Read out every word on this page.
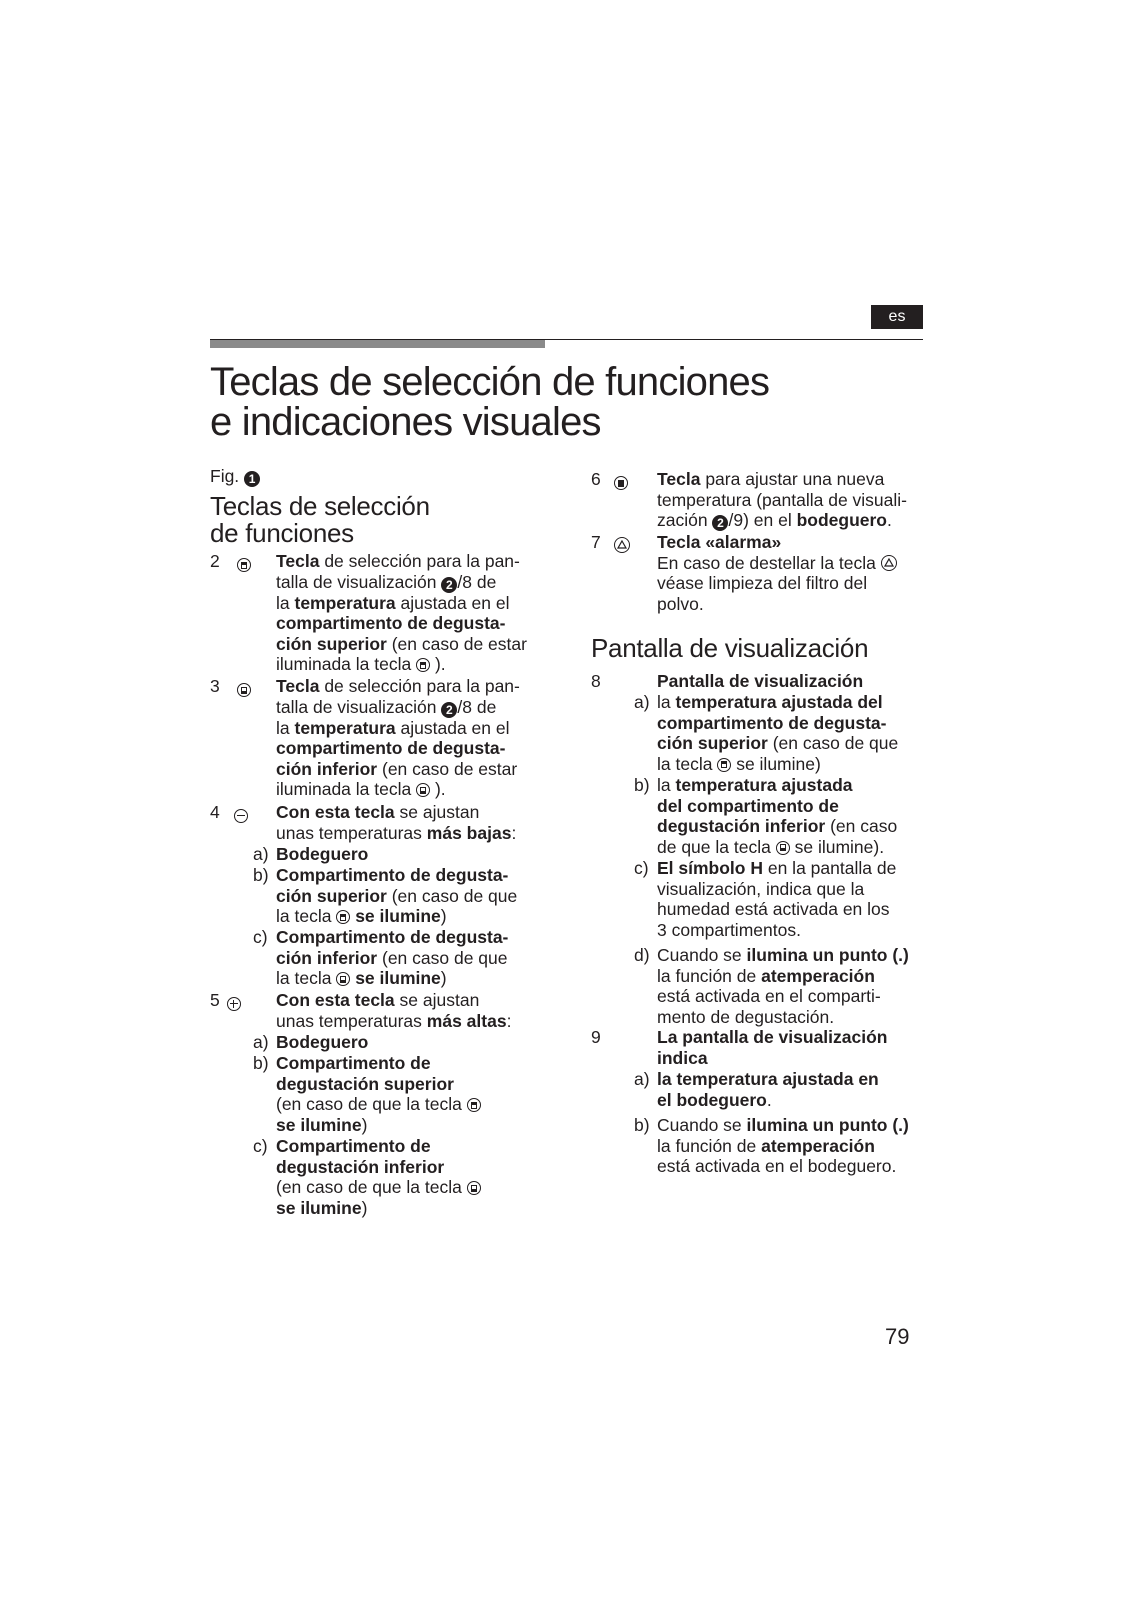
es
Teclas de selección de funciones
e indicaciones visuales

Fig. 1

Teclas de selección
de funciones
2	Tecla de selección para la pan-

talla de visualización 2 /8 de

la temperatura ajustada en el

compartimento de degusta-

ción superior (en caso de estar

iluminada la tecla ).

3	Tecla de selección para la pan-

talla de visualización 2 /8 de

la temperatura ajustada en el

compartimento de degusta-

ción inferior (en caso de estar

iluminada la tecla ).

4	Con esta tecla se ajustan

unas temperaturas más bajas:

a) Bodeguero
b) Compartimento de degusta-

ción superior (en caso de que

la tecla se ilumine)

c) Compartimento de degusta-

ción inferior (en caso de que

la tecla se ilumine)

5	Con esta tecla se ajustan

unas temperaturas más altas:

a) Bodeguero
b) Compartimento de

degustación superior

(en caso de que la tecla

se ilumine)

c) Compartimento de

degustación inferior

(en caso de que la tecla

se ilumine)

6	Tecla para ajustar una nueva

temperatura (pantalla de visuali-

zación 2 /9) en el bodeguero.

7	Tecla «alarma»

En caso de destellar la tecla

véase limpieza del filtro del

polvo.

Pantalla de visualización
8	Pantalla de visualización

a) la temperatura ajustada del

compartimento de degusta-

ción superior (en caso de que

la tecla se ilumine)

b) la temperatura ajustada

del compartimento de

degustación inferior (en caso

de que la tecla se ilumine).

c) El símbolo H en la pantalla de

visualización, indica que la

humedad está activada en los

3 compartimentos.

d) Cuando se ilumina un punto (.)

la función de atemperación

está activada en el comparti-

mento de degustación.

9	La pantalla de visualización

indica

a) la temperatura ajustada en

el bodeguero.

b) Cuando se ilumina un punto (.)

la función de atemperación

está activada en el bodeguero.

79
